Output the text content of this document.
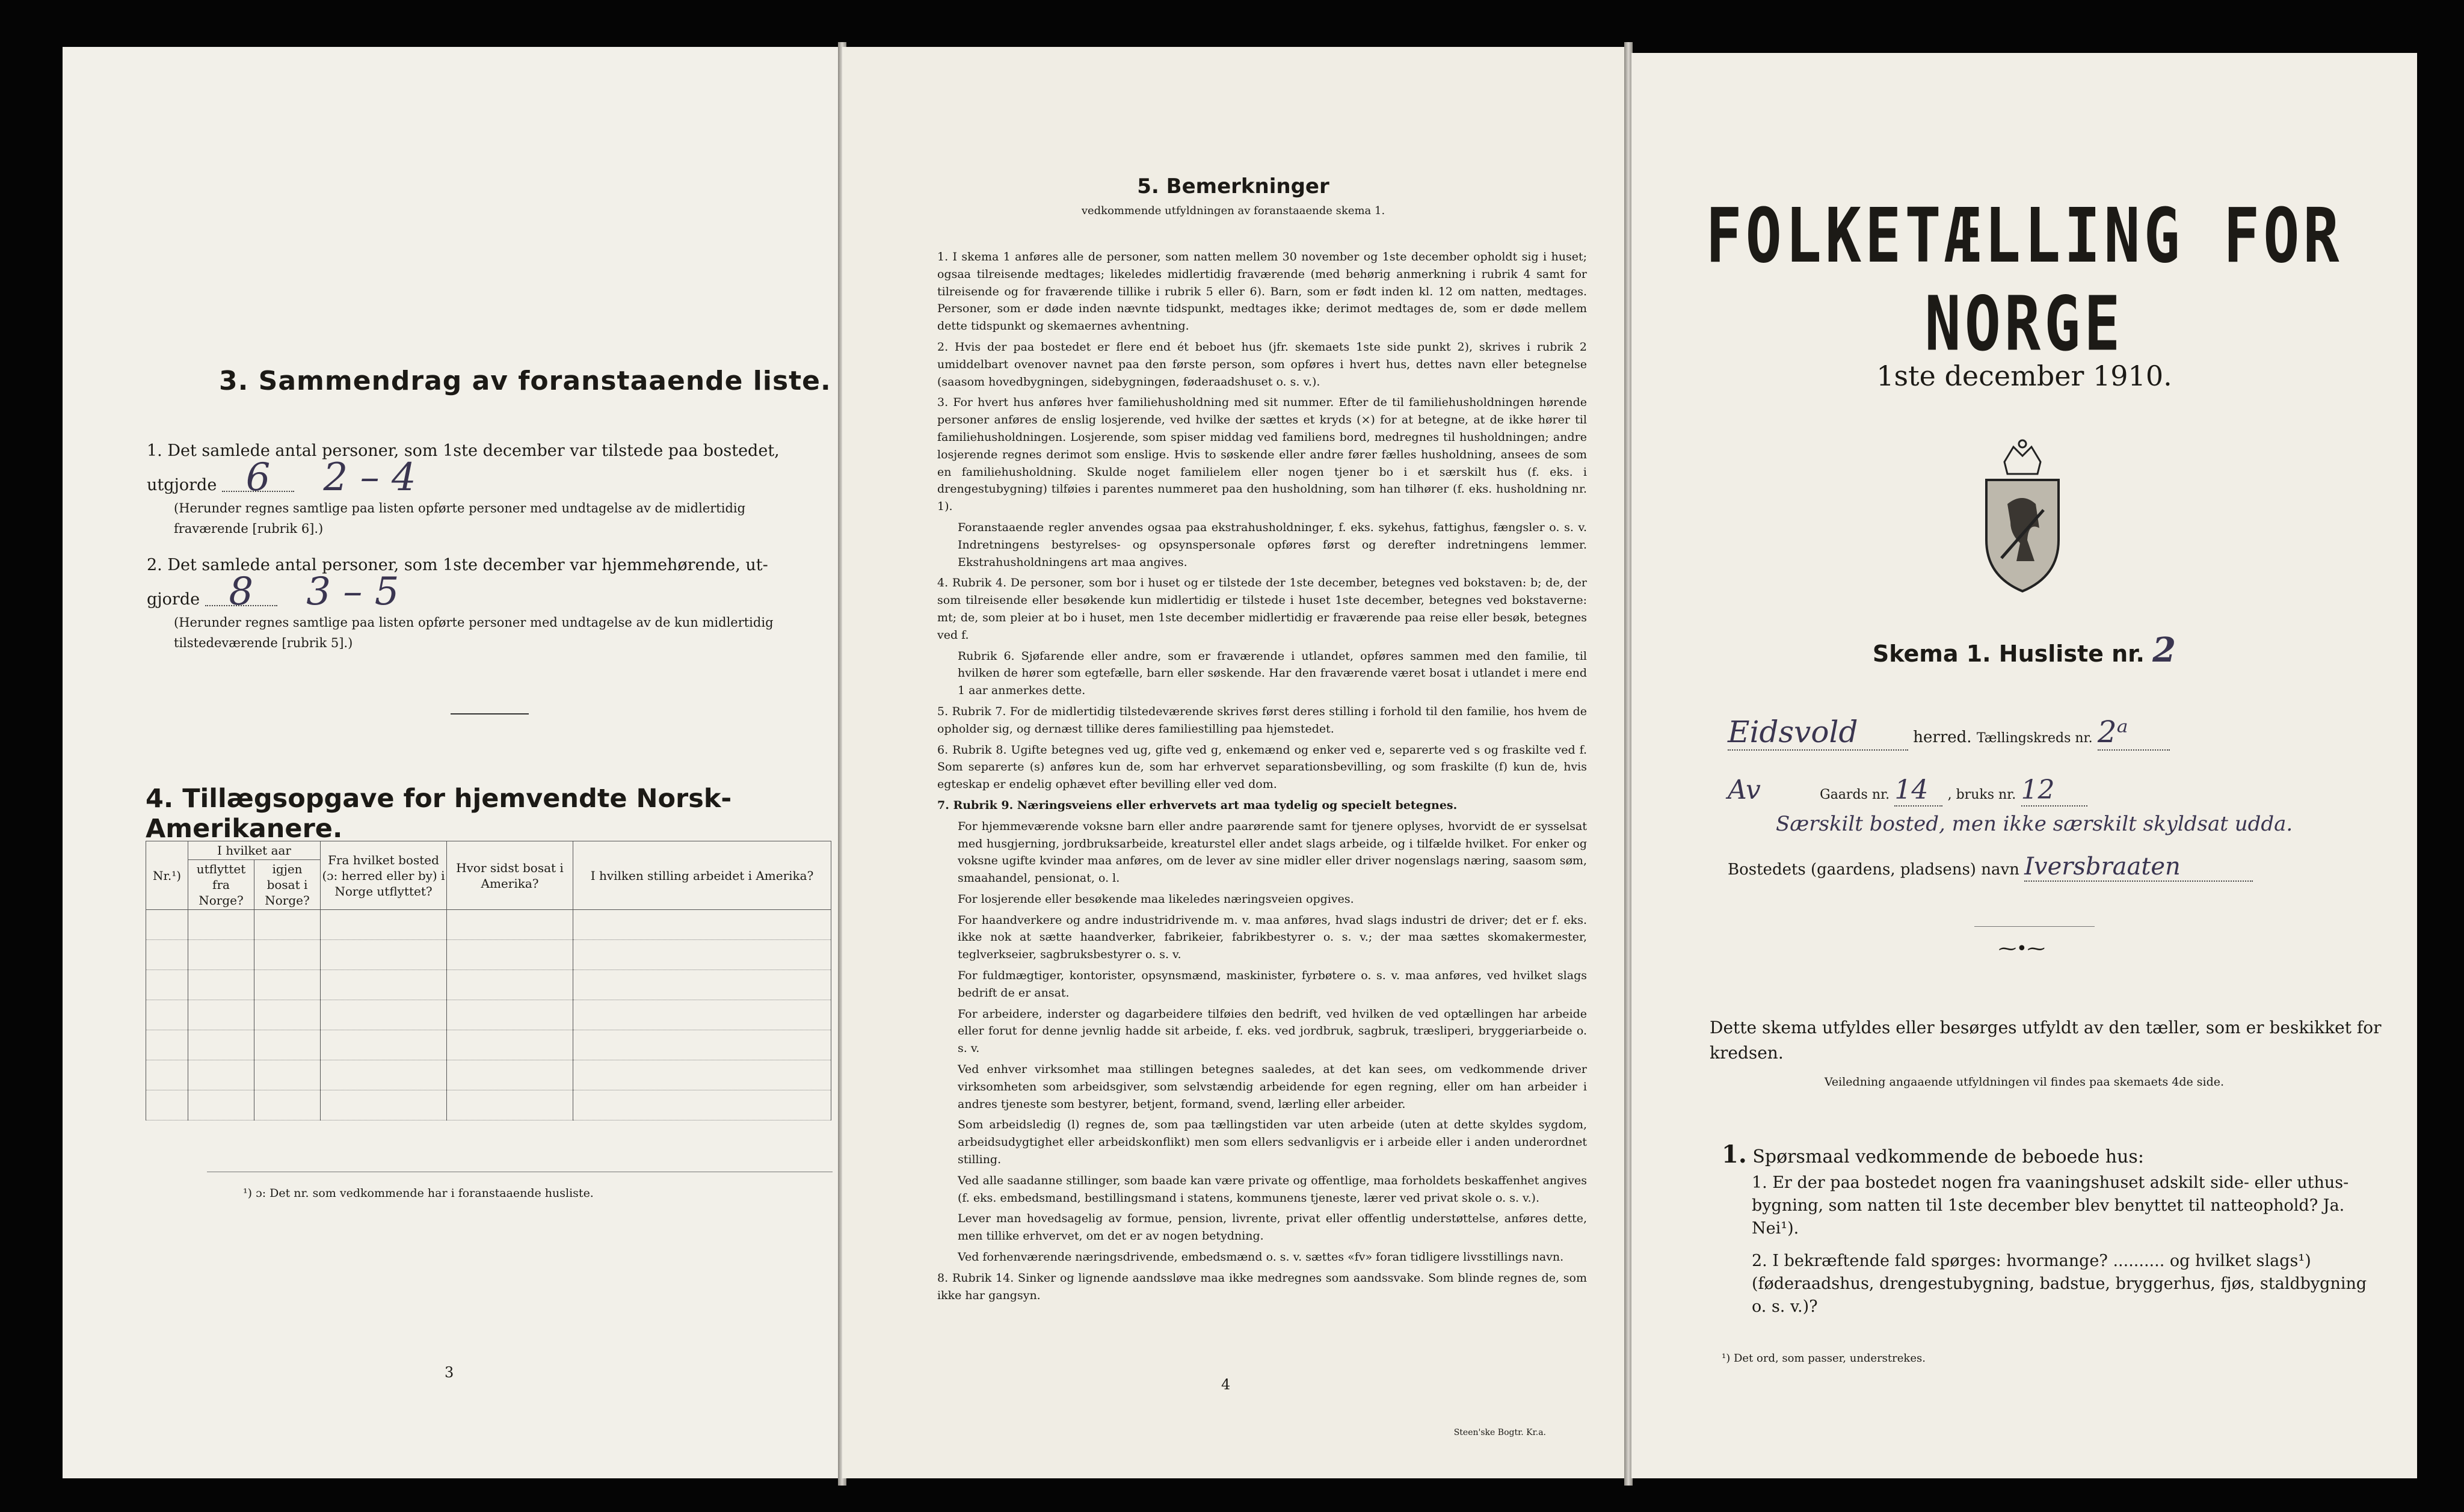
3. Sammendrag av foranstaaende liste.
1. Det samlede antal personer, som 1ste december var tilstede paa bostedet,
utgjorde 6 2 – 4
(Herunder regnes samtlige paa listen opførte personer med undtagelse av de midlertidig fraværende [rubrik 6].)
2. Det samlede antal personer, som 1ste december var hjemmehørende, ut-
gjorde 8 3 – 5
(Herunder regnes samtlige paa listen opførte personer med undtagelse av de kun midlertidig tilstedeværende [rubrik 5].)
4. Tillægsopgave for hjemvendte Norsk-Amerikanere.
Nr.¹)	I hvilket aar		Fra hvilket bosted (ɔ: herred eller by) i Norge utflyttet?	Hvor sidst bosat i Amerika?	I hvilken stilling arbeidet i Amerika?
	utflyttet fra Norge?	igjen bosat i Norge?			

¹) ɔ: Det nr. som vedkommende har i foranstaaende husliste.
3
5. Bemerkninger
vedkommende utfyldningen av foranstaaende skema 1.

1. I skema 1 anføres alle de personer, som natten mellem 30 november og 1ste december opholdt sig i huset; ogsaa tilreisende medtages; likeledes midlertidig fraværende (med behørig anmerkning i rubrik 4 samt for tilreisende og for fraværende tillike i rubrik 5 eller 6). Barn, som er født inden kl. 12 om natten, medtages. Personer, som er døde inden nævnte tidspunkt, medtages ikke; derimot medtages de, som er døde mellem dette tidspunkt og skemaernes avhentning.

2. Hvis der paa bostedet er flere end ét beboet hus (jfr. skemaets 1ste side punkt 2), skrives i rubrik 2 umiddelbart ovenover navnet paa den første person, som opføres i hvert hus, dettes navn eller betegnelse (saasom hovedbygningen, sidebygningen, føderaadshuset o. s. v.).

3. For hvert hus anføres hver familiehusholdning med sit nummer. Efter de til familiehusholdningen hørende personer anføres de enslig losjerende, ved hvilke der sættes et kryds (×) for at betegne, at de ikke hører til familiehusholdningen. Losjerende, som spiser middag ved familiens bord, medregnes til husholdningen; andre losjerende regnes derimot som enslige. Hvis to søskende eller andre fører fælles husholdning, ansees de som en familiehusholdning. Skulde noget familielem eller nogen tjener bo i et særskilt hus (f. eks. i drengestubygning) tilføies i parentes nummeret paa den husholdning, som han tilhører (f. eks. husholdning nr. 1).

Foranstaaende regler anvendes ogsaa paa ekstrahusholdninger, f. eks. sykehus, fattighus, fængsler o. s. v. Indretningens bestyrelses- og opsynspersonale opføres først og derefter indretningens lemmer. Ekstrahusholdningens art maa angives.

4. Rubrik 4. De personer, som bor i huset og er tilstede der 1ste december, betegnes ved bokstaven: b; de, der som tilreisende eller besøkende kun midlertidig er tilstede i huset 1ste december, betegnes ved bokstaverne: mt; de, som pleier at bo i huset, men 1ste december midlertidig er fraværende paa reise eller besøk, betegnes ved f.

Rubrik 6. Sjøfarende eller andre, som er fraværende i utlandet, opføres sammen med den familie, til hvilken de hører som egtefælle, barn eller søskende. Har den fraværende været bosat i utlandet i mere end 1 aar anmerkes dette.

5. Rubrik 7. For de midlertidig tilstedeværende skrives først deres stilling i forhold til den familie, hos hvem de opholder sig, og dernæst tillike deres familiestilling paa hjemstedet.

6. Rubrik 8. Ugifte betegnes ved ug, gifte ved g, enkemænd og enker ved e, separerte ved s og fraskilte ved f. Som separerte (s) anføres kun de, som har erhvervet separationsbevilling, og som fraskilte (f) kun de, hvis egteskap er endelig ophævet efter bevilling eller ved dom.

7. Rubrik 9. Næringsveiens eller erhvervets art maa tydelig og specielt betegnes.

For hjemmeværende voksne barn eller andre paarørende samt for tjenere oplyses, hvorvidt de er sysselsat med husgjerning, jordbruksarbeide, kreaturstel eller andet slags arbeide, og i tilfælde hvilket. For enker og voksne ugifte kvinder maa anføres, om de lever av sine midler eller driver nogenslags næring, saasom søm, smaahandel, pensionat, o. l.

For losjerende eller besøkende maa likeledes næringsveien opgives.

For haandverkere og andre industridrivende m. v. maa anføres, hvad slags industri de driver; det er f. eks. ikke nok at sætte haandverker, fabrikeier, fabrikbestyrer o. s. v.; der maa sættes skomakermester, teglverkseier, sagbruksbestyrer o. s. v.

For fuldmægtiger, kontorister, opsynsmænd, maskinister, fyrbøtere o. s. v. maa anføres, ved hvilket slags bedrift de er ansat.

For arbeidere, inderster og dagarbeidere tilføies den bedrift, ved hvilken de ved optællingen har arbeide eller forut for denne jevnlig hadde sit arbeide, f. eks. ved jordbruk, sagbruk, træsliperi, bryggeriarbeide o. s. v.

Ved enhver virksomhet maa stillingen betegnes saaledes, at det kan sees, om vedkommende driver virksomheten som arbeidsgiver, som selvstændig arbeidende for egen regning, eller om han arbeider i andres tjeneste som bestyrer, betjent, formand, svend, lærling eller arbeider.

Som arbeidsledig (l) regnes de, som paa tællingstiden var uten arbeide (uten at dette skyldes sygdom, arbeidsudygtighet eller arbeidskonflikt) men som ellers sedvanligvis er i arbeide eller i anden underordnet stilling.

Ved alle saadanne stillinger, som baade kan være private og offentlige, maa forholdets beskaffenhet angives (f. eks. embedsmand, bestillingsmand i statens, kommunens tjeneste, lærer ved privat skole o. s. v.).

Lever man hovedsagelig av formue, pension, livrente, privat eller offentlig understøttelse, anføres dette, men tillike erhvervet, om det er av nogen betydning.

Ved forhenværende næringsdrivende, embedsmænd o. s. v. sættes «fv» foran tidligere livsstillings navn.

8. Rubrik 14. Sinker og lignende aandssløve maa ikke medregnes som aandssvake. Som blinde regnes de, som ikke har gangsyn.

4
Steen'ske Bogtr. Kr.a.
FOLKETÆLLING FOR NORGE
1ste december 1910.
Skema 1. Husliste nr. 2
Eidsvold	herred. Tællingskreds nr. 2ᵃ
Av	Gaards nr. 14 , bruks nr. 12
Særskilt bosted, men ikke særskilt skyldsat udda.
Bostedets (gaardens, pladsens) navn Iversbraaten
⁓•⁓
Dette skema utfyldes eller besørges utfyldt av den tæller, som er beskikket for kredsen.
Veiledning angaaende utfyldningen vil findes paa skemaets 4de side.
1. Spørsmaal vedkommende de beboede hus:
1. Er der paa bostedet nogen fra vaaningshuset adskilt side- eller uthus-bygning, som natten til 1ste december blev benyttet til natteophold? Ja. Nei¹).
2. I bekræftende fald spørges: hvormange? .......... og hvilket slags¹) (føderaadshus, drengestubygning, badstue, bryggerhus, fjøs, staldbygning o. s. v.)?
¹) Det ord, som passer, understrekes.
